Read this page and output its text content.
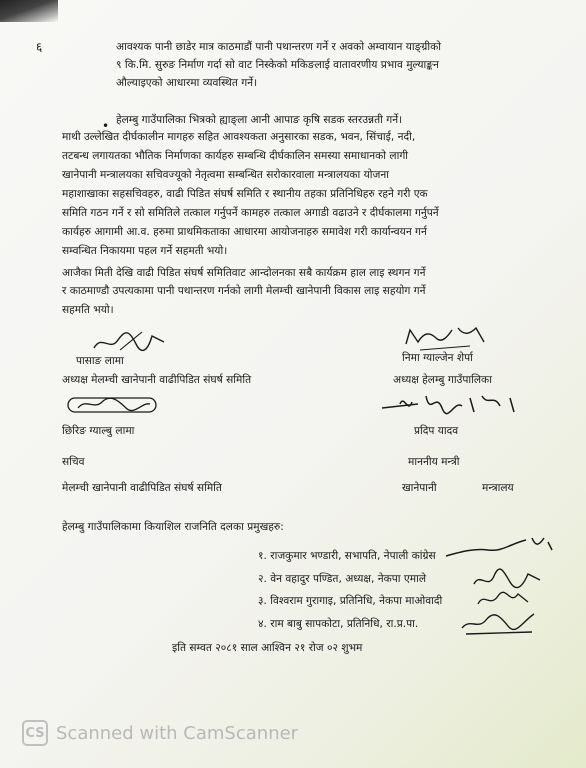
६	आवश्यक पानी छाडेर मात्र काठमाडौं पानी पथान्तरण गर्ने र अवको अम्वायान याङ्ग्रीको
९ कि.मि. सुरुङ निर्माण गर्दा सो वाट निस्केको मकिङलाई वातावरणीय प्रभाव मुल्याङ्कन
औल्याइएको आधारमा व्यवस्थित गर्ने।
• हेलम्बु गाउँपालिका भित्रको ह्याङ्ला आनी आपाङ कृषि सडक स्तरउन्नती गर्ने।
माथी उल्लेखित दीर्घकालीन मागहरु सहित आवश्यकता अनुसारका सडक, भवन, सिंचाई, नदी,
तटबन्ध लगायतका भौतिक निर्माणका कार्यहरु सम्बन्धि दीर्घकालिन समस्या समाधानको लागी
खानेपानी मन्त्रालयका सचिवज्यूको नेतृत्वमा सम्बन्धित सरोकारवाला मन्त्रालयका योजना
महाशाखाका सहसचिवहरु, वाढी पिडित संघर्ष समिति र स्थानीय तहका प्रतिनिधिहरु रहने गरी एक
समिति गठन गर्ने र सो समितिले तत्काल गर्नुपर्ने कामहरु तत्काल अगाडी वढाउने र दीर्घकालमा गर्नुपर्ने
कार्यहरु आगामी आ.व. हरुमा प्राथमिकताका आधारमा आयोजनाहरु समावेश गरी कार्यान्वयन गर्न
सम्वन्धित निकायमा पहल गर्ने सहमती भयो।
आजैका मिती देखि वाढी पिडित संघर्ष समितिवाट आन्दोलनका सबै कार्यक्रम हाल लाइ स्थगन गर्ने
र काठमाण्डौ उपत्यकामा पानी पथान्तरण गर्नको लागी मेलम्ची खानेपानी विकास लाइ सहयोग गर्ने
सहमति भयो।
पासाङ लामा
अध्यक्ष मेलम्ची खानेपानी वाढीपिडित संघर्ष समिति
निमा ग्याल्जेन शेर्पा
अध्यक्ष हेलम्बु गाउँपालिका
छिरिङ ग्याल्बु लामा
सचिव
मेलम्ची खानेपानी वाढीपिडित संघर्ष समिति
प्रदिप यादव
माननीय मन्त्री
खानेपानी	मन्त्रालय
हेलम्बु गाउँपालिकामा कियाशिल राजनिति दलका प्रमुखहरु:
१. राजकुमार भण्डारी, सभापति, नेपाली कांग्रेस
२. वेन वहादुर पण्डित, अध्यक्ष, नेकपा एमाले
३. विश्वराम गुरागाइ, प्रतिनिधि, नेकपा माओवादी
४. राम बाबु सापकोटा, प्रतिनिधि, रा.प्र.पा.
इति सम्वत २०८१ साल आश्विन २१ रोज ०२ शुभम
CS Scanned with CamScanner
